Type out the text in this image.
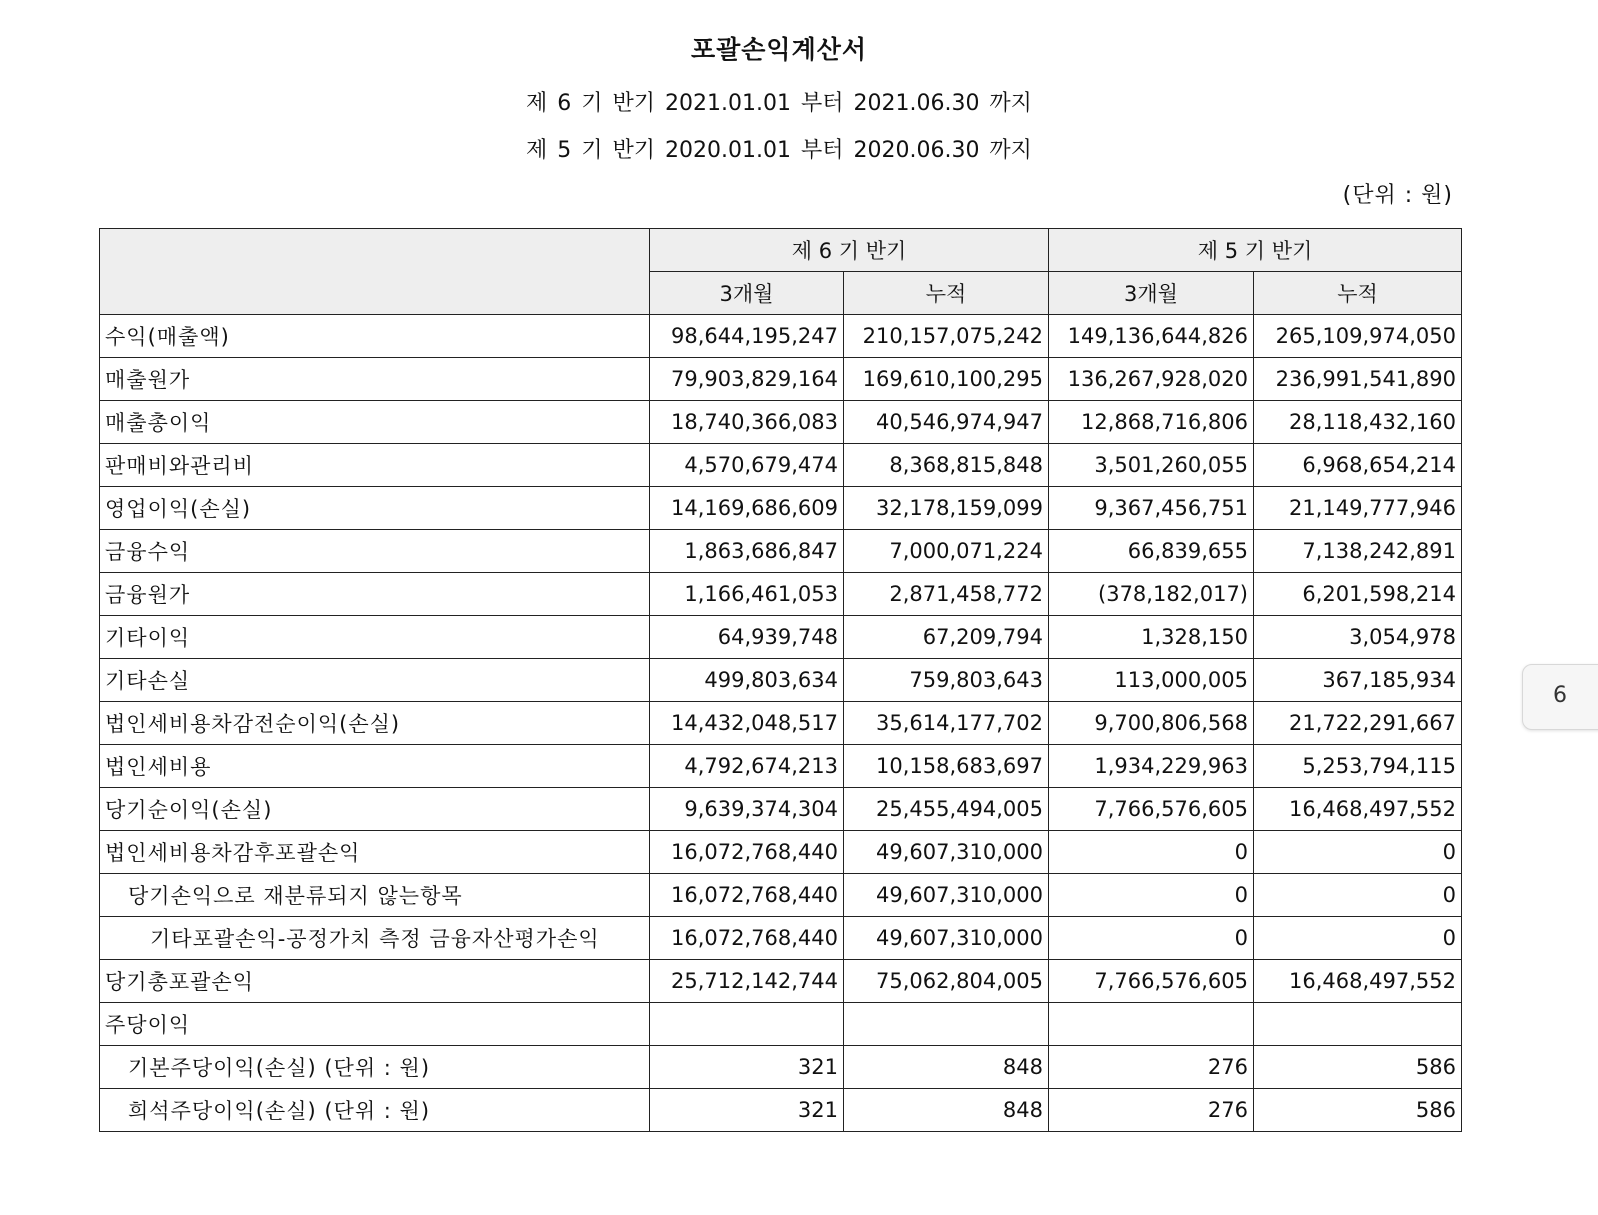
포괄손익계산서
제 6 기 반기 2021.01.01 부터 2021.06.30 까지
제 5 기 반기 2020.01.01 부터 2020.06.30 까지
(단위 : 원)
	제 6 기 반기		제 5 기 반기	
	3개월	누적	3개월	누적
수익(매출액)	98,644,195,247	210,157,075,242	149,136,644,826	265,109,974,050
매출원가	79,903,829,164	169,610,100,295	136,267,928,020	236,991,541,890
매출총이익	18,740,366,083	40,546,974,947	12,868,716,806	28,118,432,160
판매비와관리비	4,570,679,474	8,368,815,848	3,501,260,055	6,968,654,214
영업이익(손실)	14,169,686,609	32,178,159,099	9,367,456,751	21,149,777,946
금융수익	1,863,686,847	7,000,071,224	66,839,655	7,138,242,891
금융원가	1,166,461,053	2,871,458,772	(378,182,017)	6,201,598,214
기타이익	64,939,748	67,209,794	1,328,150	3,054,978
기타손실	499,803,634	759,803,643	113,000,005	367,185,934
법인세비용차감전순이익(손실)	14,432,048,517	35,614,177,702	9,700,806,568	21,722,291,667
법인세비용	4,792,674,213	10,158,683,697	1,934,229,963	5,253,794,115
당기순이익(손실)	9,639,374,304	25,455,494,005	7,766,576,605	16,468,497,552
법인세비용차감후포괄손익	16,072,768,440	49,607,310,000	0	0
당기손익으로 재분류되지 않는항목	16,072,768,440	49,607,310,000	0	0
기타포괄손익-공정가치 측정 금융자산평가손익	16,072,768,440	49,607,310,000	0	0
당기총포괄손익	25,712,142,744	75,062,804,005	7,766,576,605	16,468,497,552
주당이익				
기본주당이익(손실) (단위 : 원)	321	848	276	586
희석주당이익(손실) (단위 : 원)	321	848	276	586
6
